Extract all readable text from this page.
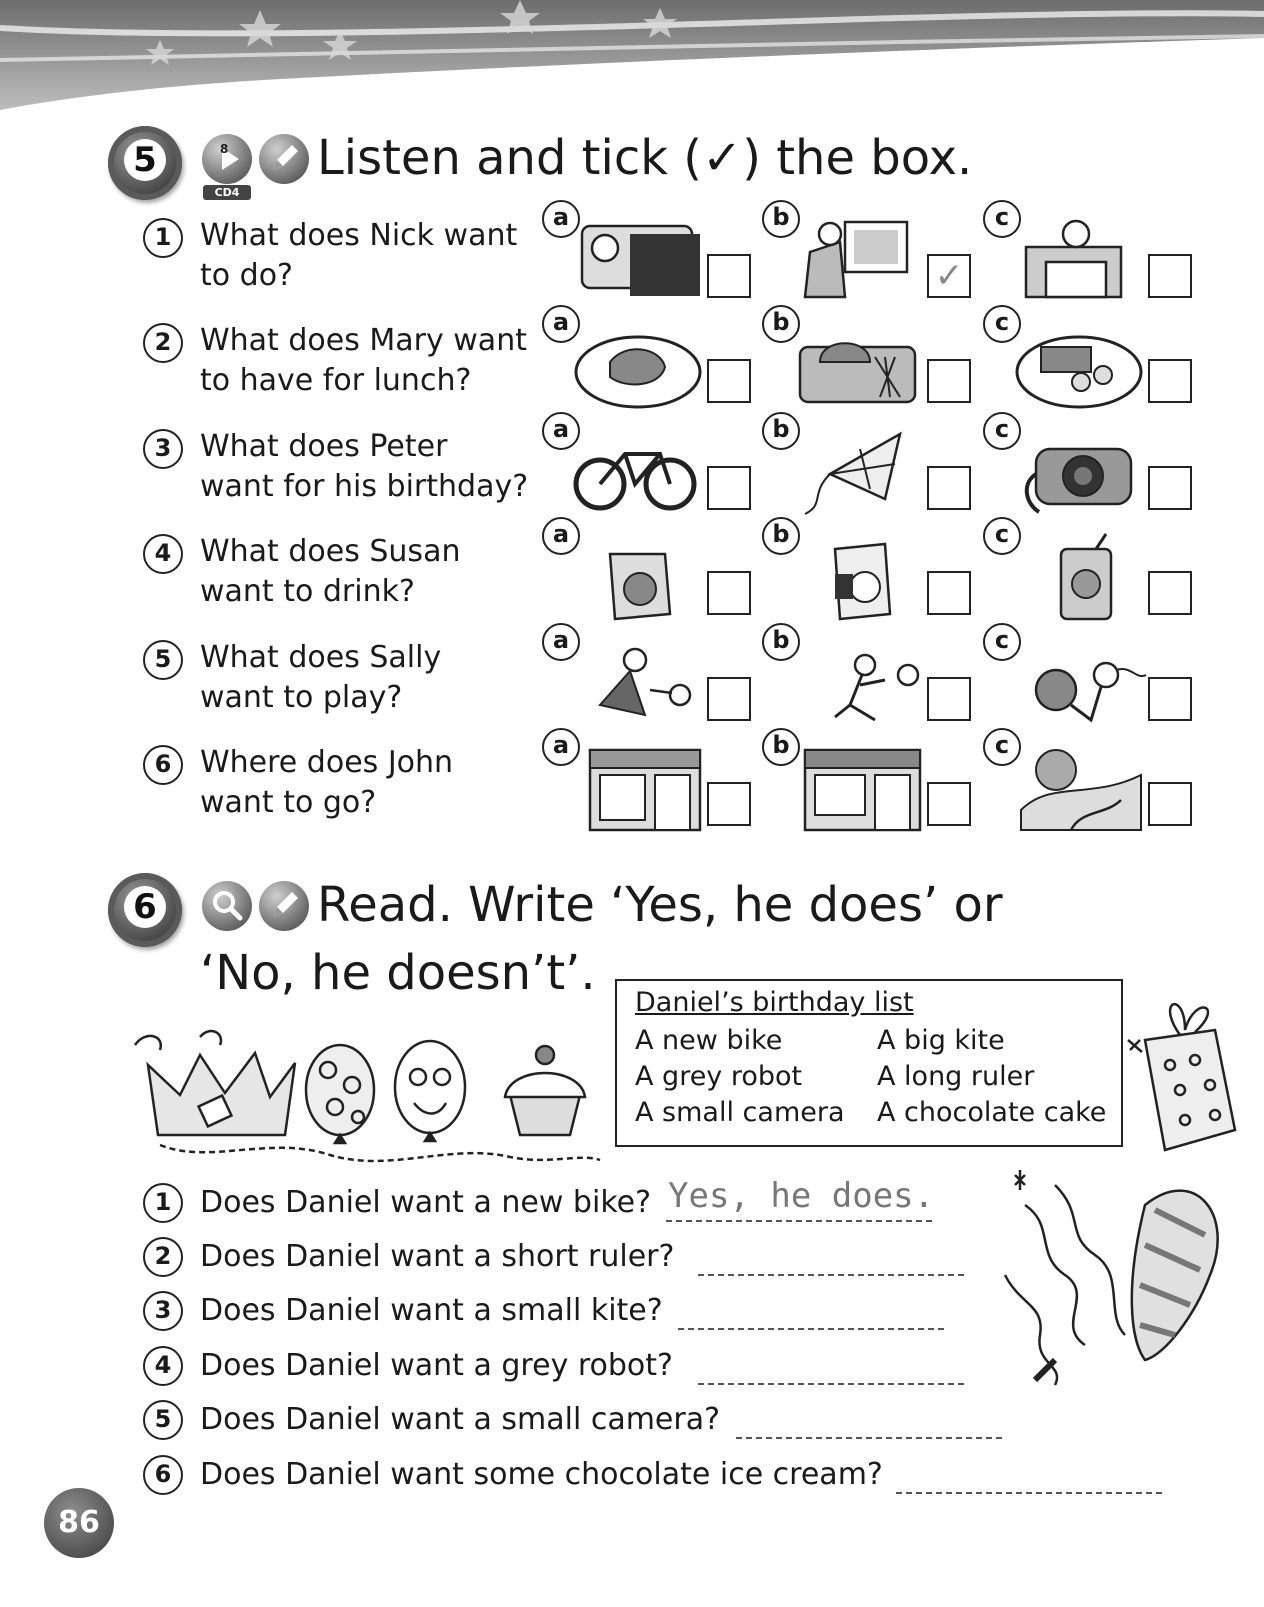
5	8
CD4
Listen and tick (✓) the box.
1 What does Nick want
to do?
2 What does Mary want
to have for lunch?
3 What does Peter
want for his birthday?
4 What does Susan
want to drink?
5 What does Sally
want to play?
6 Where does John
want to go?
a	b
✓
c
a	b	c
a	b	c
a	b	c
a	b	c
a	b	c
6	Read. Write ‘Yes, he does’ or
‘No, he doesn’t’.
Daniel’s birthday list
A new bike	A big kite
A grey robot	A long ruler
A small camera A chocolate cake
1 Does Daniel want a new bike? Yes, he does.
2 Does Daniel want a short ruler?
3 Does Daniel want a small kite?
4 Does Daniel want a grey robot?
5 Does Daniel want a small camera?
6 Does Daniel want some chocolate ice cream?
86
